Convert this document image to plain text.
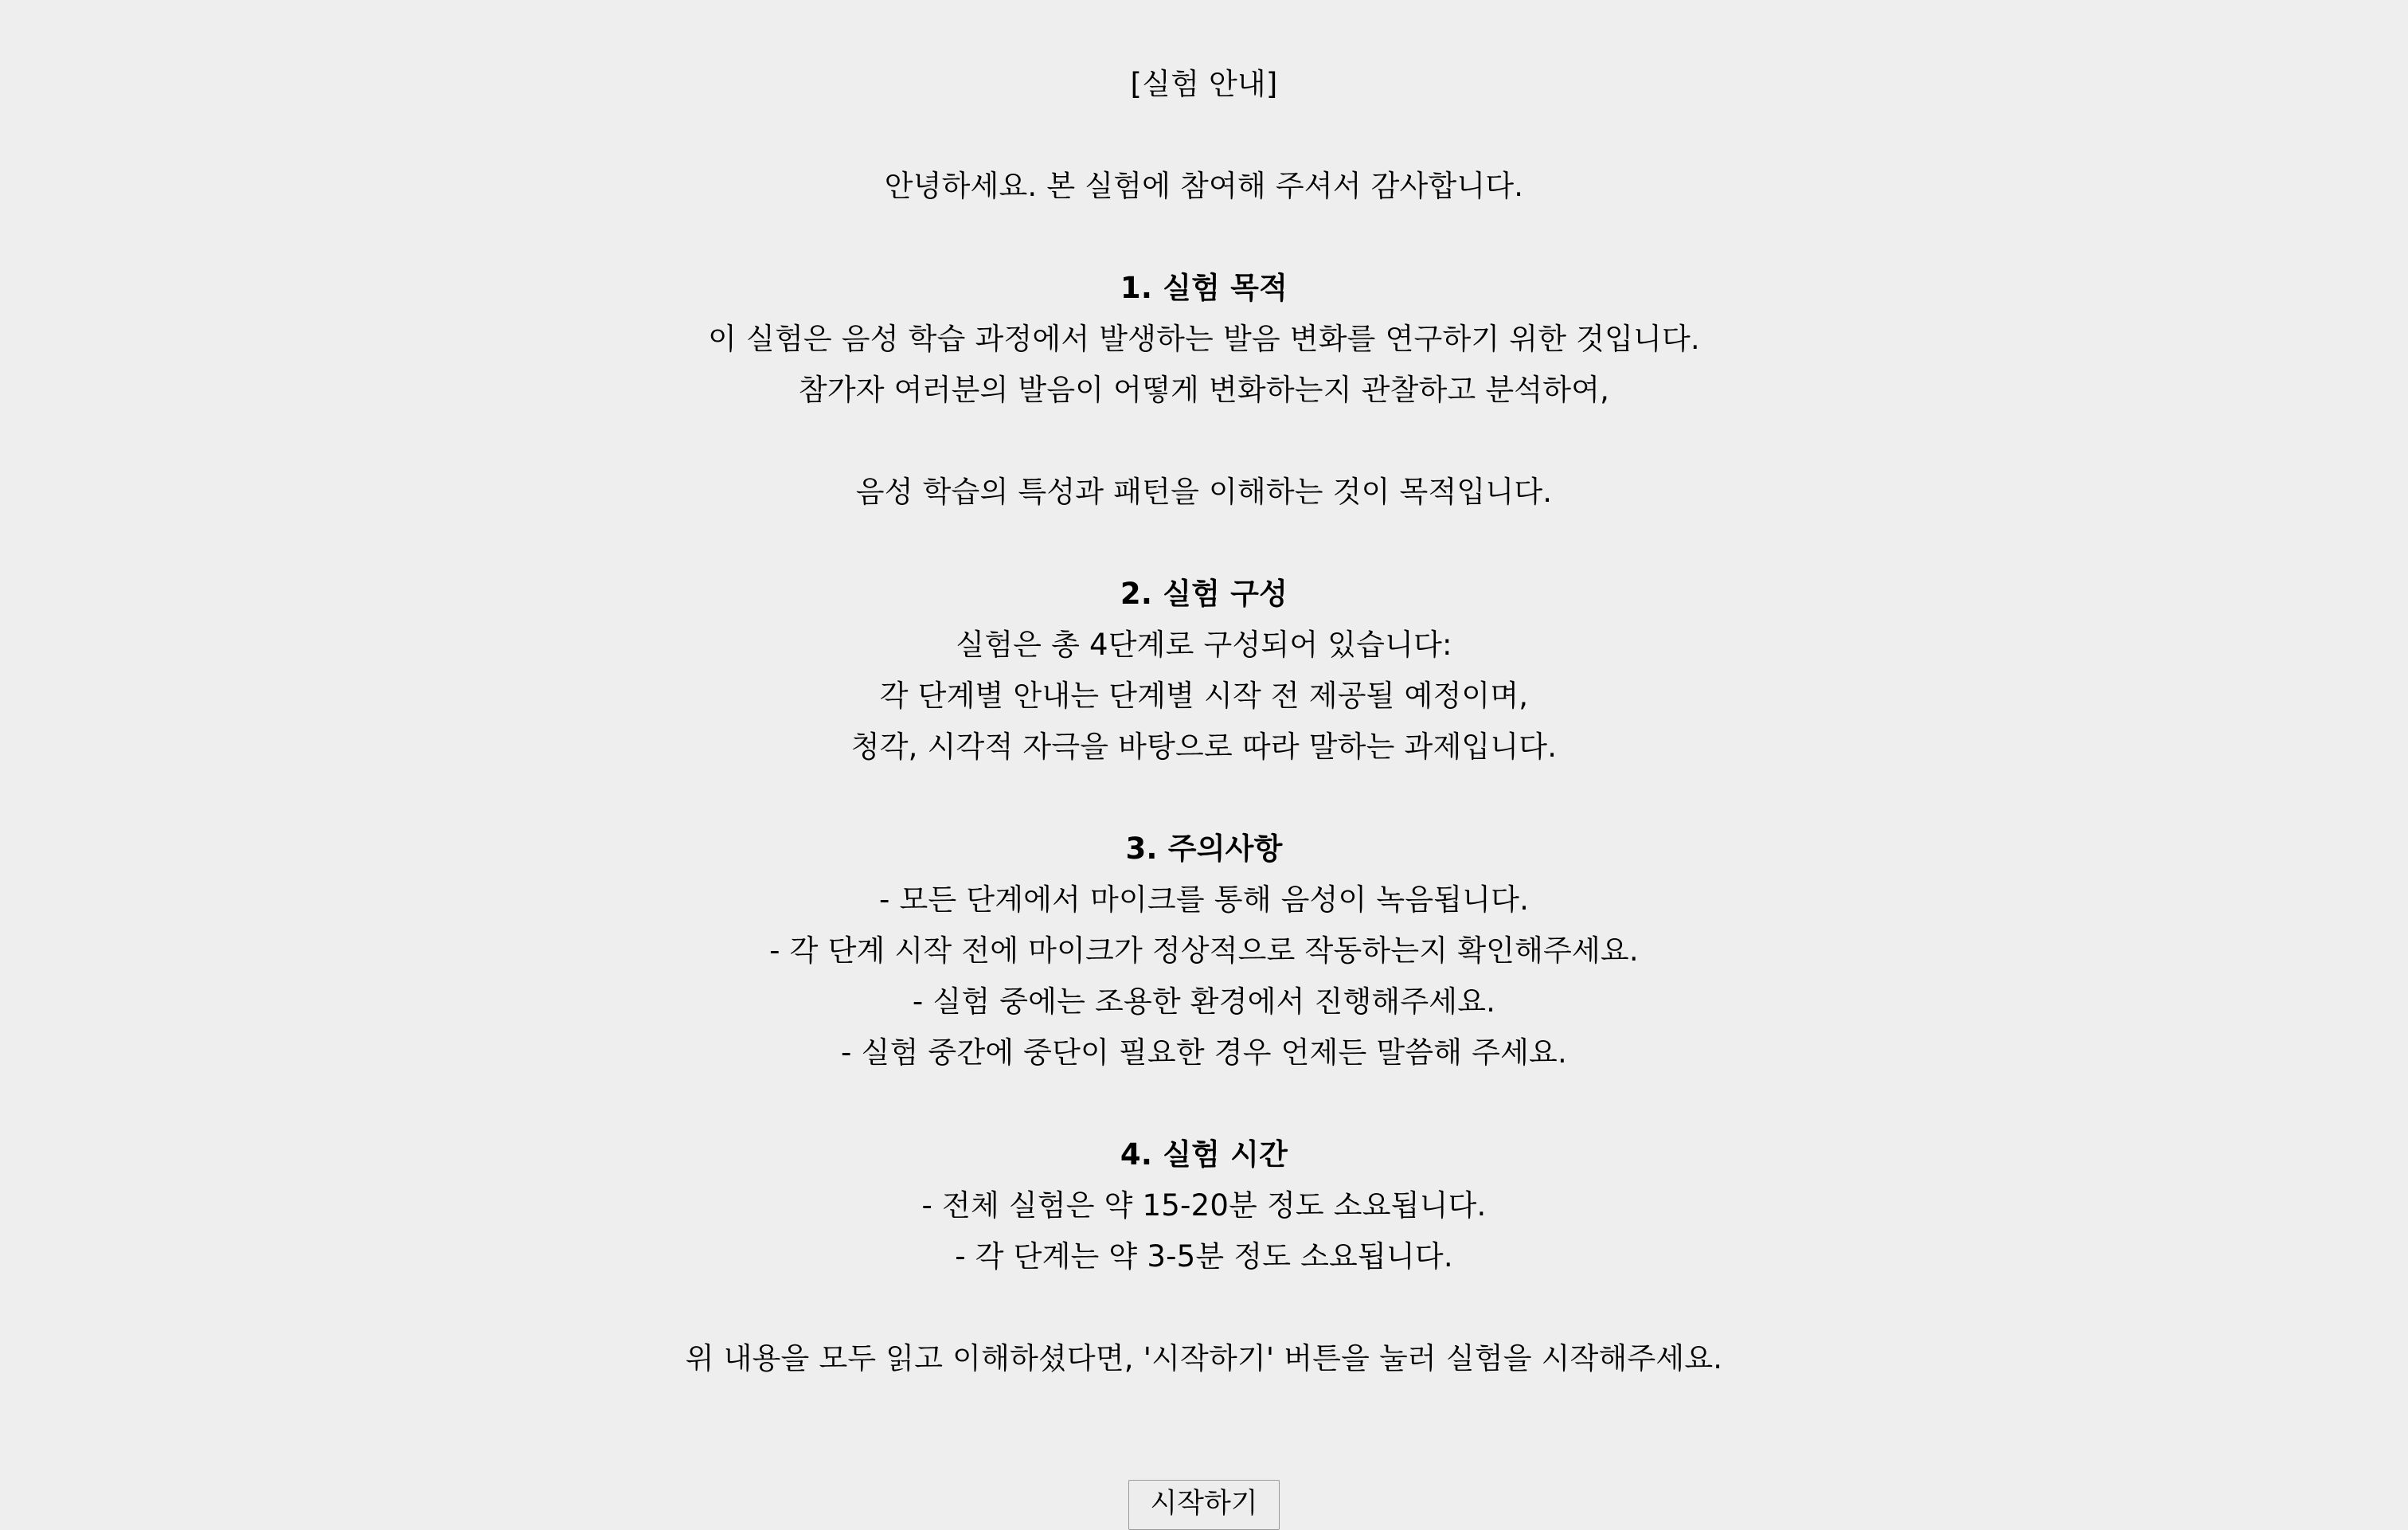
[실험 안내]

안녕하세요. 본 실험에 참여해 주셔서 감사합니다.

1. 실험 목적
이 실험은 음성 학습 과정에서 발생하는 발음 변화를 연구하기 위한 것입니다.
참가자 여러분의 발음이 어떻게 변화하는지 관찰하고 분석하여,

음성 학습의 특성과 패턴을 이해하는 것이 목적입니다.

2. 실험 구성
실험은 총 4단계로 구성되어 있습니다:
각 단계별 안내는 단계별 시작 전 제공될 예정이며,
청각, 시각적 자극을 바탕으로 따라 말하는 과제입니다.

3. 주의사항
- 모든 단계에서 마이크를 통해 음성이 녹음됩니다.
- 각 단계 시작 전에 마이크가 정상적으로 작동하는지 확인해주세요.
- 실험 중에는 조용한 환경에서 진행해주세요.
- 실험 중간에 중단이 필요한 경우 언제든 말씀해 주세요.

4. 실험 시간
- 전체 실험은 약 15-20분 정도 소요됩니다.
- 각 단계는 약 3-5분 정도 소요됩니다.

위 내용을 모두 읽고 이해하셨다면, '시작하기' 버튼을 눌러 실험을 시작해주세요.
시작하기
